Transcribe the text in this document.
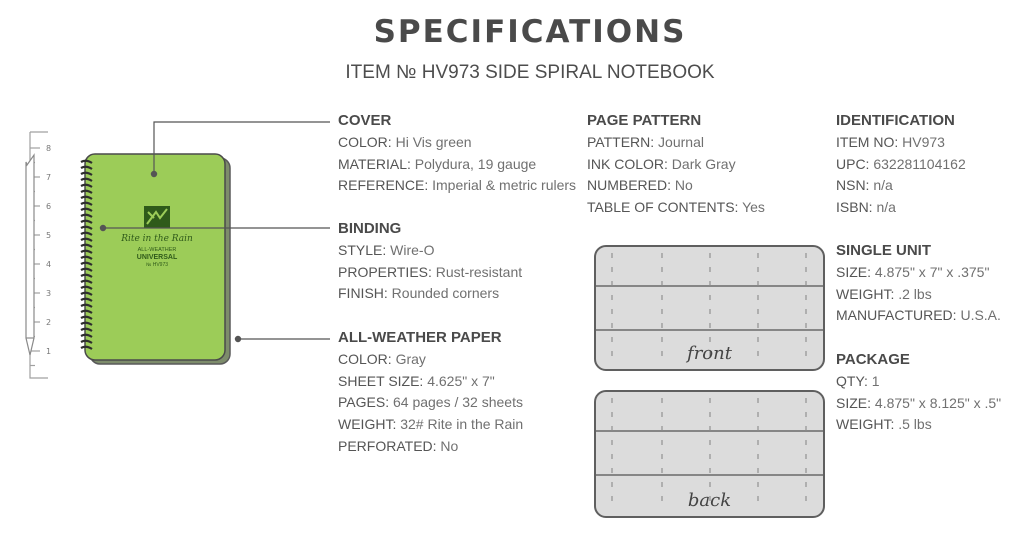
SPECIFICATIONS
ITEM № HV973 SIDE SPIRAL NOTEBOOK
8
7
6
5
4
3
2
1
Rite in the Rain
ALL-WEATHER
UNIVERSAL
№ HV973
COVER
COLOR: Hi Vis green
MATERIAL: Polydura, 19 gauge
REFERENCE: Imperial & metric rulers
BINDING
STYLE: Wire-O
PROPERTIES: Rust-resistant
FINISH: Rounded corners
ALL-WEATHER PAPER
COLOR: Gray
SHEET SIZE: 4.625" x 7"
PAGES: 64 pages / 32 sheets
WEIGHT: 32# Rite in the Rain
PERFORATED: No
PAGE PATTERN
PATTERN: Journal
INK COLOR: Dark Gray
NUMBERED: No
TABLE OF CONTENTS: Yes
front
back
IDENTIFICATION
ITEM NO: HV973
UPC: 632281104162
NSN: n/a
ISBN: n/a
SINGLE UNIT
SIZE: 4.875" x 7" x .375"
WEIGHT: .2 lbs
MANUFACTURED: U.S.A.
PACKAGE
QTY: 1
SIZE: 4.875" x 8.125" x .5"
WEIGHT: .5 lbs
